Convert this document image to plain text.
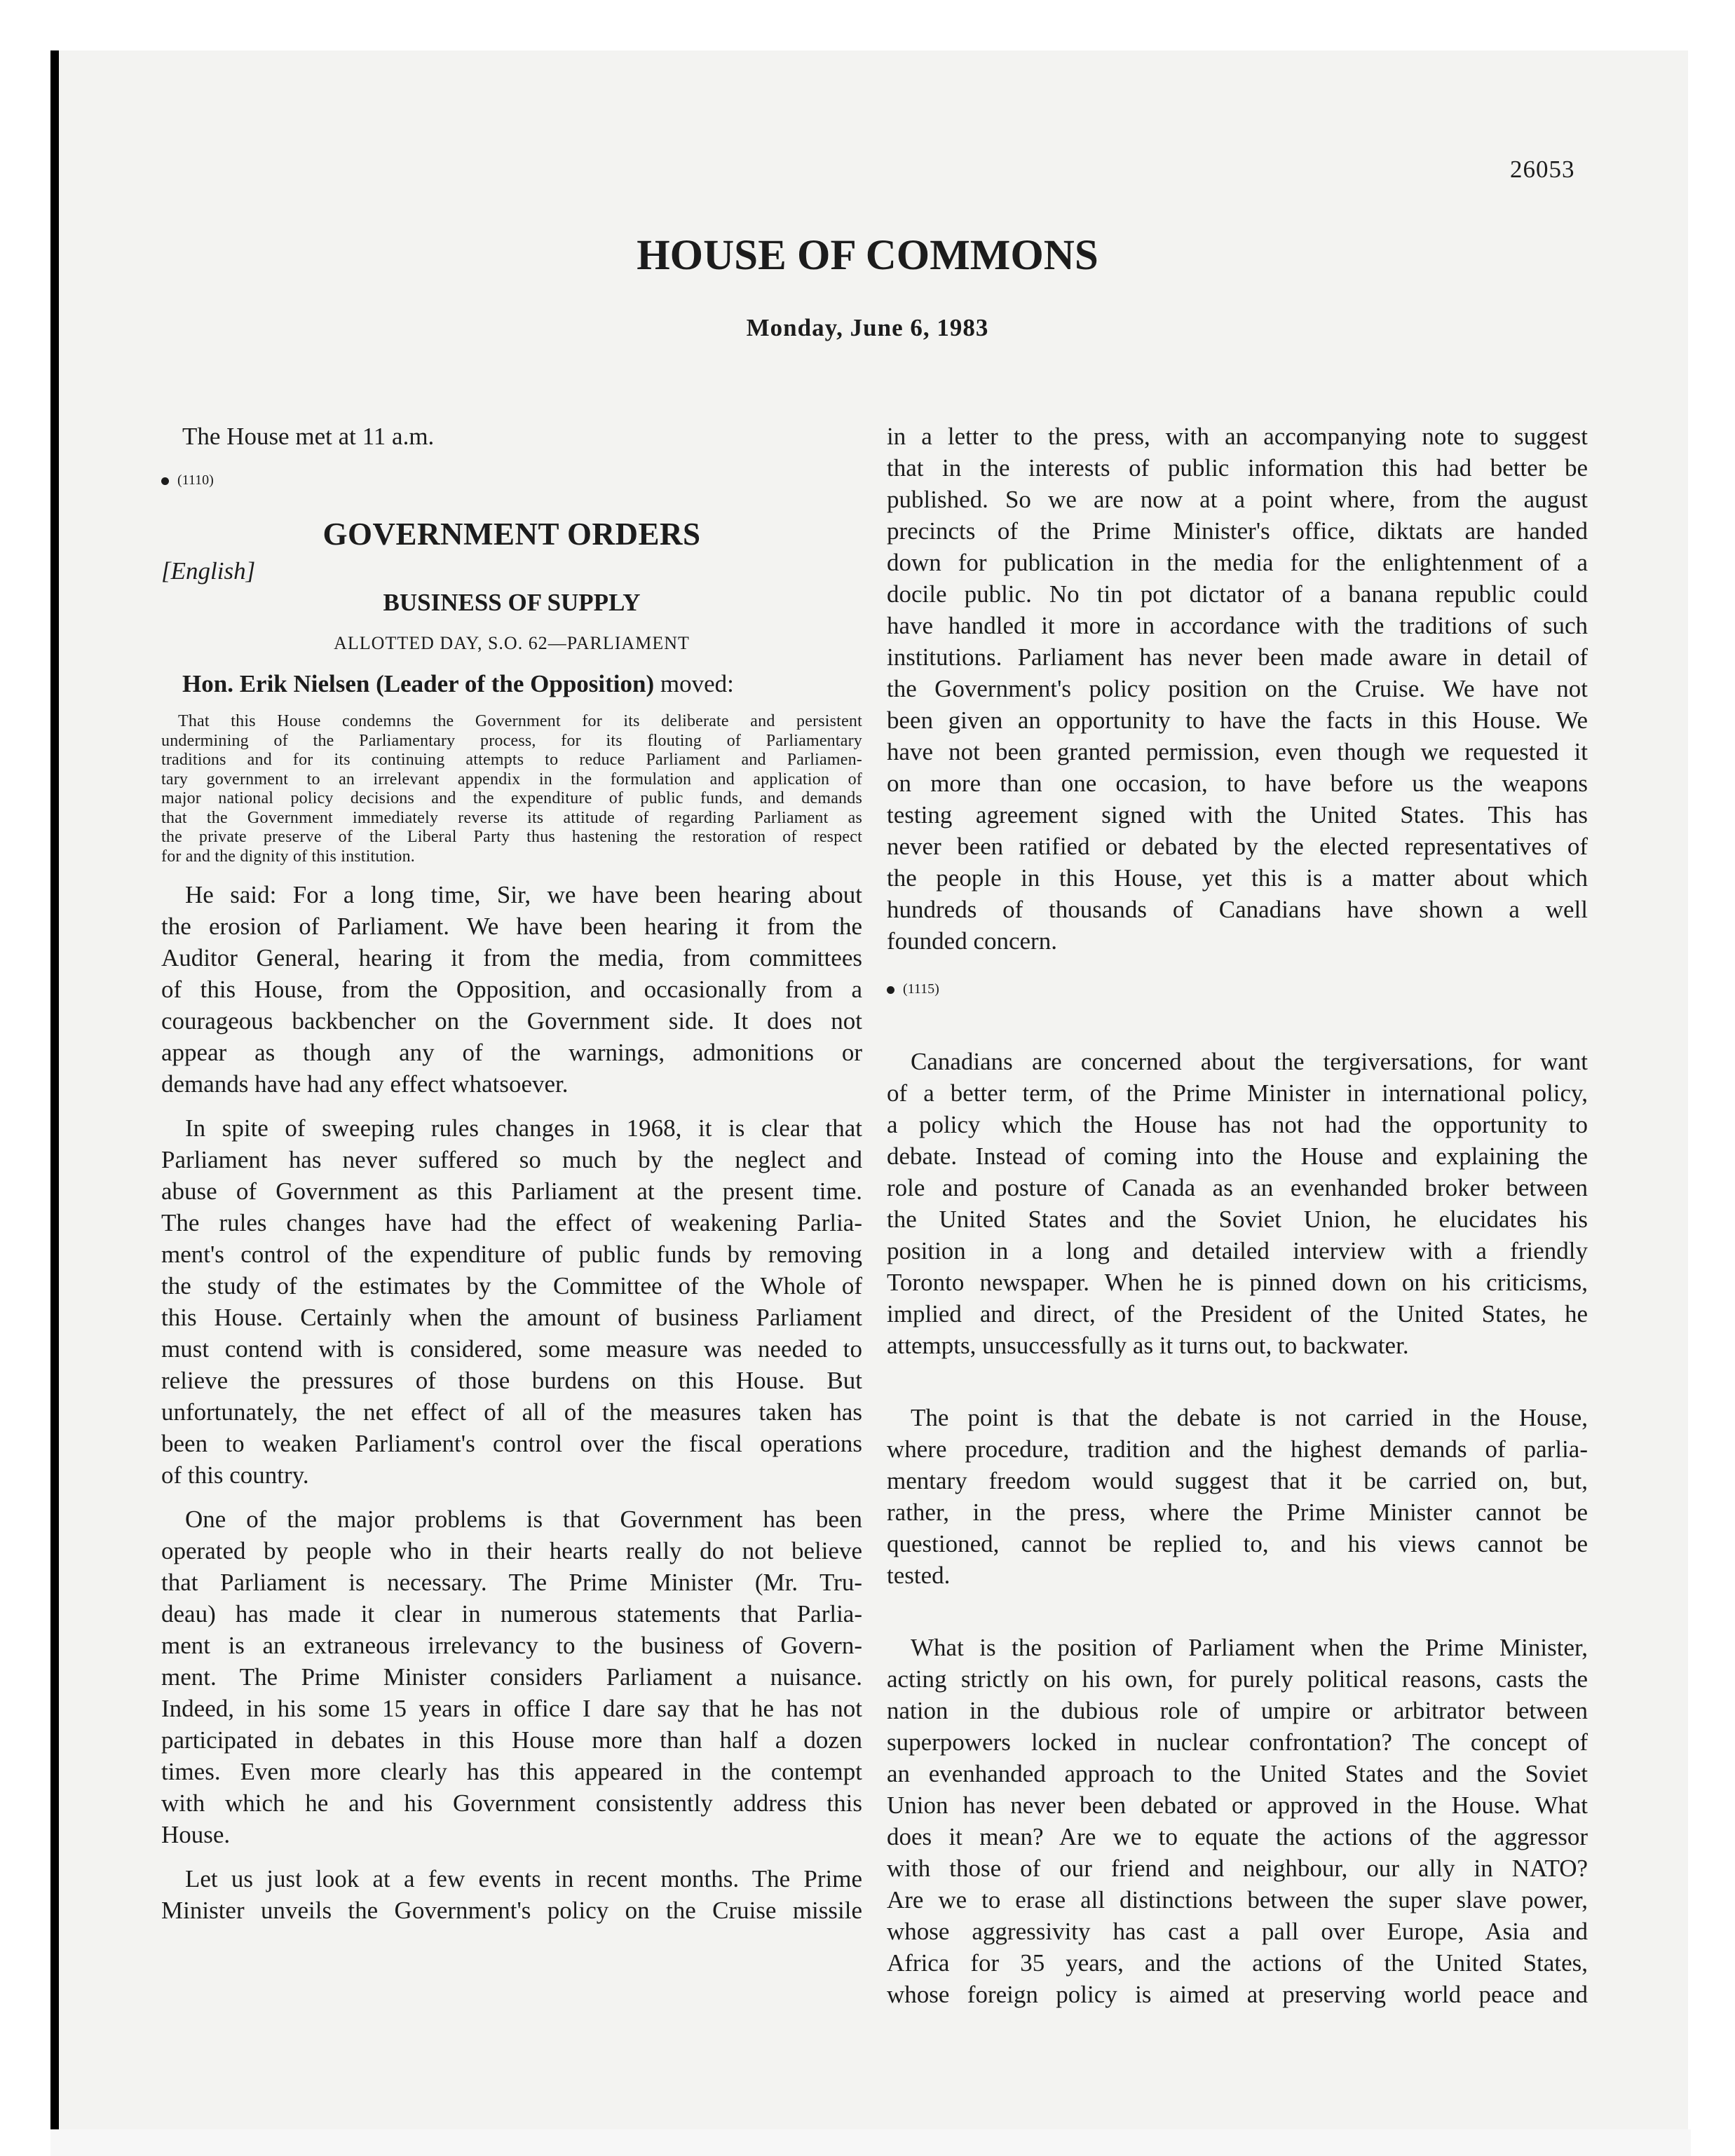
26053
HOUSE OF COMMONS
Monday, June 6, 1983
The House met at 11 a.m.
(1110)
GOVERNMENT ORDERS
[English]
BUSINESS OF SUPPLY
ALLOTTED DAY, S.O. 62—PARLIAMENT
Hon. Erik Nielsen (Leader of the Opposition) moved:
That this House condemns the Government for its deliberate and persistent
undermining of the Parliamentary process, for its flouting of Parliamentary
traditions and for its continuing attempts to reduce Parliament and Parliamen-
tary government to an irrelevant appendix in the formulation and application of
major national policy decisions and the expenditure of public funds, and demands
that the Government immediately reverse its attitude of regarding Parliament as
the private preserve of the Liberal Party thus hastening the restoration of respect
for and the dignity of this institution.
He said: For a long time, Sir, we have been hearing about
the erosion of Parliament. We have been hearing it from the
Auditor General, hearing it from the media, from committees
of this House, from the Opposition, and occasionally from a
courageous backbencher on the Government side. It does not
appear as though any of the warnings, admonitions or
demands have had any effect whatsoever.
In spite of sweeping rules changes in 1968, it is clear that
Parliament has never suffered so much by the neglect and
abuse of Government as this Parliament at the present time.
The rules changes have had the effect of weakening Parlia-
ment's control of the expenditure of public funds by removing
the study of the estimates by the Committee of the Whole of
this House. Certainly when the amount of business Parliament
must contend with is considered, some measure was needed to
relieve the pressures of those burdens on this House. But
unfortunately, the net effect of all of the measures taken has
been to weaken Parliament's control over the fiscal operations
of this country.
One of the major problems is that Government has been
operated by people who in their hearts really do not believe
that Parliament is necessary. The Prime Minister (Mr. Tru-
deau) has made it clear in numerous statements that Parlia-
ment is an extraneous irrelevancy to the business of Govern-
ment. The Prime Minister considers Parliament a nuisance.
Indeed, in his some 15 years in office I dare say that he has not
participated in debates in this House more than half a dozen
times. Even more clearly has this appeared in the contempt
with which he and his Government consistently address this
House.
Let us just look at a few events in recent months. The Prime
Minister unveils the Government's policy on the Cruise missile
in a letter to the press, with an accompanying note to suggest
that in the interests of public information this had better be
published. So we are now at a point where, from the august
precincts of the Prime Minister's office, diktats are handed
down for publication in the media for the enlightenment of a
docile public. No tin pot dictator of a banana republic could
have handled it more in accordance with the traditions of such
institutions. Parliament has never been made aware in detail of
the Government's policy position on the Cruise. We have not
been given an opportunity to have the facts in this House. We
have not been granted permission, even though we requested it
on more than one occasion, to have before us the weapons
testing agreement signed with the United States. This has
never been ratified or debated by the elected representatives of
the people in this House, yet this is a matter about which
hundreds of thousands of Canadians have shown a well
founded concern.
(1115)
Canadians are concerned about the tergiversations, for want
of a better term, of the Prime Minister in international policy,
a policy which the House has not had the opportunity to
debate. Instead of coming into the House and explaining the
role and posture of Canada as an evenhanded broker between
the United States and the Soviet Union, he elucidates his
position in a long and detailed interview with a friendly
Toronto newspaper. When he is pinned down on his criticisms,
implied and direct, of the President of the United States, he
attempts, unsuccessfully as it turns out, to backwater.
The point is that the debate is not carried in the House,
where procedure, tradition and the highest demands of parlia-
mentary freedom would suggest that it be carried on, but,
rather, in the press, where the Prime Minister cannot be
questioned, cannot be replied to, and his views cannot be
tested.
What is the position of Parliament when the Prime Minister,
acting strictly on his own, for purely political reasons, casts the
nation in the dubious role of umpire or arbitrator between
superpowers locked in nuclear confrontation? The concept of
an evenhanded approach to the United States and the Soviet
Union has never been debated or approved in the House. What
does it mean? Are we to equate the actions of the aggressor
with those of our friend and neighbour, our ally in NATO?
Are we to erase all distinctions between the super slave power,
whose aggressivity has cast a pall over Europe, Asia and
Africa for 35 years, and the actions of the United States,
whose foreign policy is aimed at preserving world peace and
